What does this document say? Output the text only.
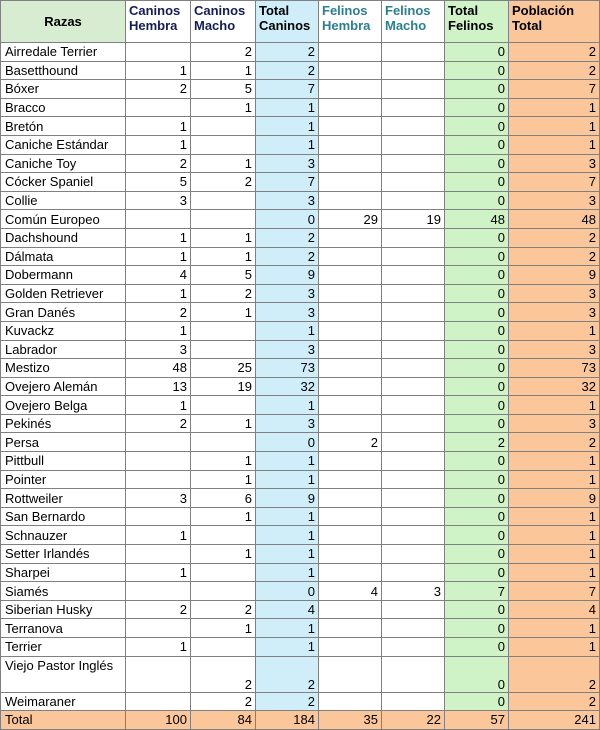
Razas	Caninos Hembra	Caninos Macho	Total Caninos	Felinos Hembra	Felinos Macho	Total Felinos	Población Total
Airredale Terrier		2	2			0	2
Basetthound	1	1	2			0	2
Bóxer	2	5	7			0	7
Bracco		1	1			0	1
Bretón	1		1			0	1
Caniche Estándar	1		1			0	1
Caniche Toy	2	1	3			0	3
Cócker Spaniel	5	2	7			0	7
Collie	3		3			0	3
Común Europeo			0	29	19	48	48
Dachshound	1	1	2			0	2
Dálmata	1	1	2			0	2
Dobermann	4	5	9			0	9
Golden Retriever	1	2	3			0	3
Gran Danés	2	1	3			0	3
Kuvackz	1		1			0	1
Labrador	3		3			0	3
Mestizo	48	25	73			0	73
Ovejero Alemán	13	19	32			0	32
Ovejero Belga	1		1			0	1
Pekinés	2	1	3			0	3
Persa			0	2		2	2
Pittbull		1	1			0	1
Pointer		1	1			0	1
Rottweiler	3	6	9			0	9
San Bernardo		1	1			0	1
Schnauzer	1		1			0	1
Setter Irlandés		1	1			0	1
Sharpei	1		1			0	1
Siamés			0	4	3	7	7
Siberian Husky	2	2	4			0	4
Terranova		1	1			0	1
Terrier	1		1			0	1
Viejo Pastor Inglés		2	2			0	2
Weimaraner		2	2			0	2
Total	100	84	184	35	22	57	241
